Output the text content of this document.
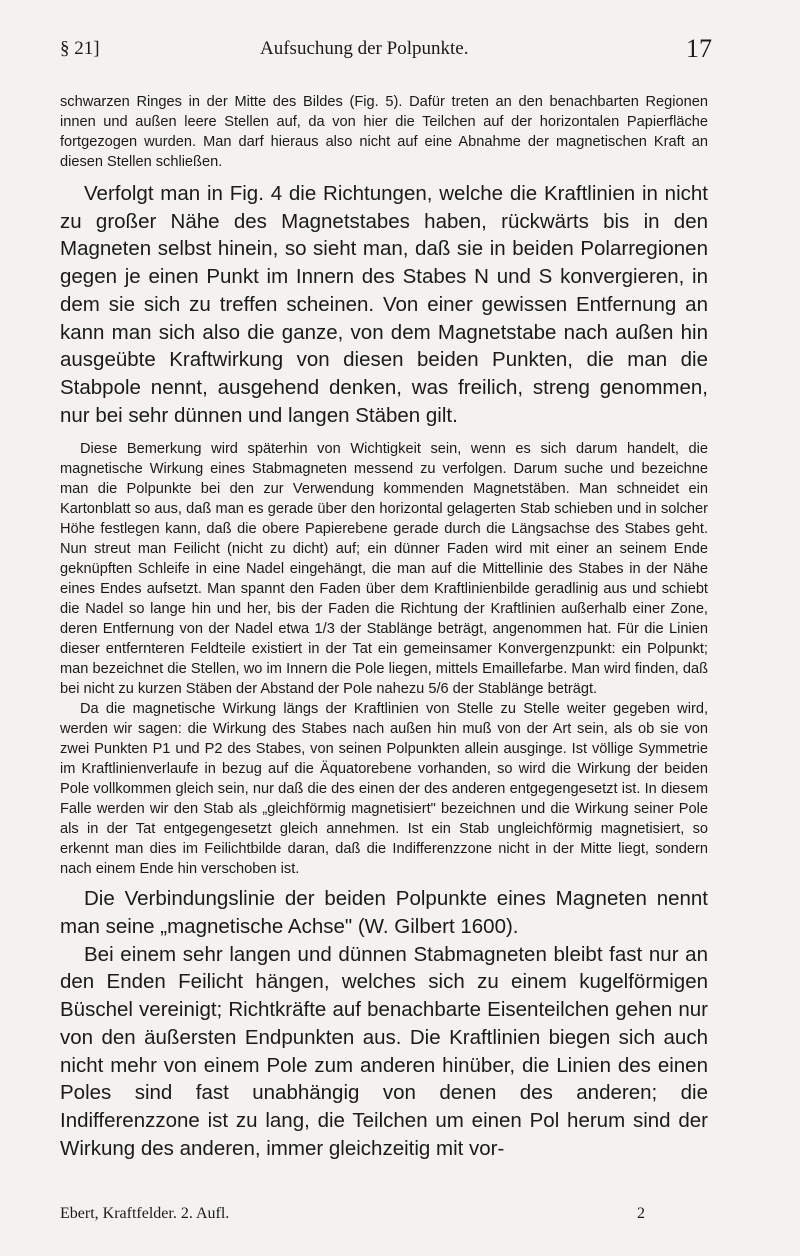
§ 21]	Aufsuchung der Polpunkte.	17

schwarzen Ringes in der Mitte des Bildes (Fig. 5). Dafür treten an den benachbarten Regionen innen und außen leere Stellen auf, da von hier die Teilchen auf der horizontalen Papierfläche fortgezogen wurden. Man darf hieraus also nicht auf eine Abnahme der magnetischen Kraft an diesen Stellen schließen.

Verfolgt man in Fig. 4 die Richtungen, welche die Kraftlinien in nicht zu großer Nähe des Magnetstabes haben, rückwärts bis in den Magneten selbst hinein, so sieht man, daß sie in beiden Polarregionen gegen je einen Punkt im Innern des Stabes N und S konvergieren, in dem sie sich zu treffen scheinen. Von einer gewissen Entfernung an kann man sich also die ganze, von dem Magnetstabe nach außen hin ausgeübte Kraftwirkung von diesen beiden Punkten, die man die Stabpole nennt, ausgehend denken, was freilich, streng genommen, nur bei sehr dünnen und langen Stäben gilt.

Diese Bemerkung wird späterhin von Wichtigkeit sein, wenn es sich darum handelt, die magnetische Wirkung eines Stabmagneten messend zu verfolgen. Darum suche und bezeichne man die Polpunkte bei den zur Verwendung kommenden Magnetstäben. Man schneidet ein Kartonblatt so aus, daß man es gerade über den horizontal gelagerten Stab schieben und in solcher Höhe festlegen kann, daß die obere Papierebene gerade durch die Längsachse des Stabes geht. Nun streut man Feilicht (nicht zu dicht) auf; ein dünner Faden wird mit einer an seinem Ende geknüpften Schleife in eine Nadel eingehängt, die man auf die Mittellinie des Stabes in der Nähe eines Endes aufsetzt. Man spannt den Faden über dem Kraftlinienbilde geradlinig aus und schiebt die Nadel so lange hin und her, bis der Faden die Richtung der Kraftlinien außerhalb einer Zone, deren Entfernung von der Nadel etwa 1/3 der Stablänge beträgt, angenommen hat. Für die Linien dieser entfernteren Feldteile existiert in der Tat ein gemeinsamer Konvergenzpunkt: ein Polpunkt; man bezeichnet die Stellen, wo im Innern die Pole liegen, mittels Emaillefarbe. Man wird finden, daß bei nicht zu kurzen Stäben der Abstand der Pole nahezu 5/6 der Stablänge beträgt.

Da die magnetische Wirkung längs der Kraftlinien von Stelle zu Stelle weiter gegeben wird, werden wir sagen: die Wirkung des Stabes nach außen hin muß von der Art sein, als ob sie von zwei Punkten P1 und P2 des Stabes, von seinen Polpunkten allein ausginge. Ist völlige Symmetrie im Kraftlinienverlaufe in bezug auf die Äquatorebene vorhanden, so wird die Wirkung der beiden Pole vollkommen gleich sein, nur daß die des einen der des anderen entgegengesetzt ist. In diesem Falle werden wir den Stab als „gleichförmig magnetisiert" bezeichnen und die Wirkung seiner Pole als in der Tat entgegengesetzt gleich annehmen. Ist ein Stab ungleichförmig magnetisiert, so erkennt man dies im Feilichtbilde daran, daß die Indifferenzzone nicht in der Mitte liegt, sondern nach einem Ende hin verschoben ist.

Die Verbindungslinie der beiden Polpunkte eines Magneten nennt man seine „magnetische Achse" (W. Gilbert 1600).

Bei einem sehr langen und dünnen Stabmagneten bleibt fast nur an den Enden Feilicht hängen, welches sich zu einem kugelförmigen Büschel vereinigt; Richtkräfte auf benachbarte Eisenteilchen gehen nur von den äußersten Endpunkten aus. Die Kraftlinien biegen sich auch nicht mehr von einem Pole zum anderen hinüber, die Linien des einen Poles sind fast unabhängig von denen des anderen; die Indifferenzzone ist zu lang, die Teilchen um einen Pol herum sind der Wirkung des anderen, immer gleichzeitig mit vor-

Ebert, Kraftfelder. 2. Aufl.	2
